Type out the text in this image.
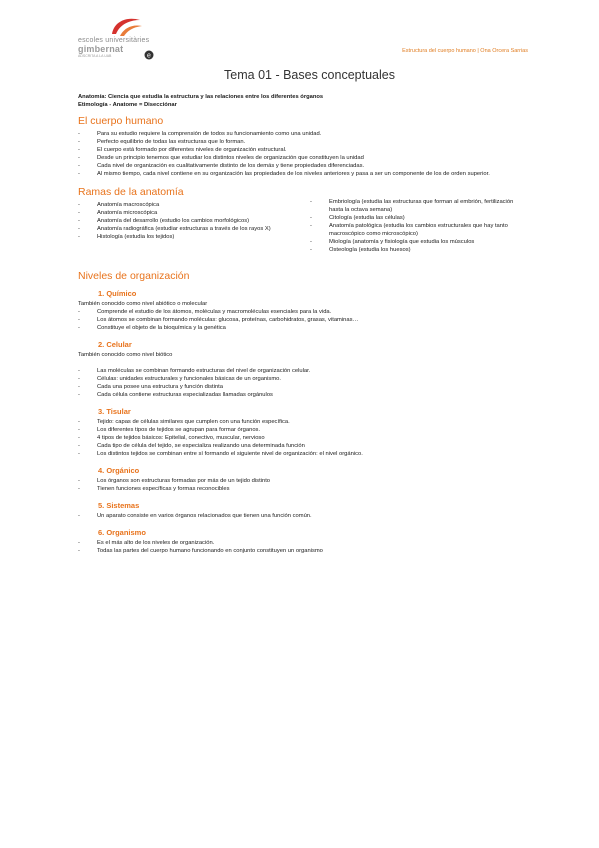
escoles universitàries
gimbernat
ADSCRITA A LA UAB	e
Estructura del cuerpo humano | Ona Orcera Sarrias
Tema 01 - Bases conceptuales
Anatomía: Ciencia que estudia la estructura y las relaciones entre los diferentes órganos
Etimología - Anatome = Disecciónar
El cuerpo humano
- Para su estudio requiere la comprensión de todos su funcionamiento como una unidad.
- Perfecto equilibrio de todas las estructuras que lo forman.
- El cuerpo está formado por diferentes niveles de organización estructural.
- Desde un principio tenemos que estudiar los distintos niveles de organización que constituyen la unidad
- Cada nivel de organización es cualitativamente distinto de los demás y tiene propiedades diferenciadas.
- Al mismo tiempo, cada nivel contiene en su organización las propiedades de los niveles anteriores y pasa a ser un componente de los de orden superior.
Ramas de la anatomía
- Anatomía macroscópica
- Anatomía microscópica
- Anatomía del desarrollo (estudio los cambios morfológicos)
- Anatomía radiográfica (estudiar estructuras a través de los rayos X)
- Histología (estudia los tejidos)
- Embriología (estudia las estructuras que forman al embrión, fertilización hasta la octava semana)
- Citología (estudia las células)
- Anatomía patológica (estudia los cambios estructurales que hay tanto macroscópico como microscópico)
- Miología (anatomía y fisiología que estudia los músculos
- Osteología (estudia los huesos)
Niveles de organización
1. Químico
También conocido como nivel abiótico o molecular
- Comprende el estudio de los átomos, moléculas y macromoléculas esenciales para la vida.
- Los átomos se combinan formando moléculas: glucosa, proteínas, carbohidratos, grasas, vitaminas…
- Constituye el objeto de la bioquímica y la genética
2. Celular
También conocido como nivel biótico
- Las moléculas se combinan formando estructuras del nivel de organización celular.
- Células: unidades estructurales y funcionales básicas de un organismo.
- Cada una posee una estructura y función distinta
- Cada célula contiene estructuras especializadas llamadas orgánulos
3. Tisular
- Tejido: capas de células similares que cumplen con una función específica.
- Los diferentes tipos de tejidos se agrupan para formar órganos.
- 4 tipos de tejidos básicos: Epitelial, conectivo, muscular, nervioso
- Cada tipo de célula del tejido, se especializa realizando una determinada función
- Los distintos tejidos se combinan entre sí formando el siguiente nivel de organización: el nivel orgánico.
4. Orgánico
- Los órganos son estructuras formadas por más de un tejido distinto
- Tienen funciones específicas y formas reconocibles
5. Sistemas
- Un aparato consiste en varios órganos relacionados que tienen una función común.
6. Organismo
- Es el más alto de los niveles de organización.
- Todas las partes del cuerpo humano funcionando en conjunto constituyen un organismo
